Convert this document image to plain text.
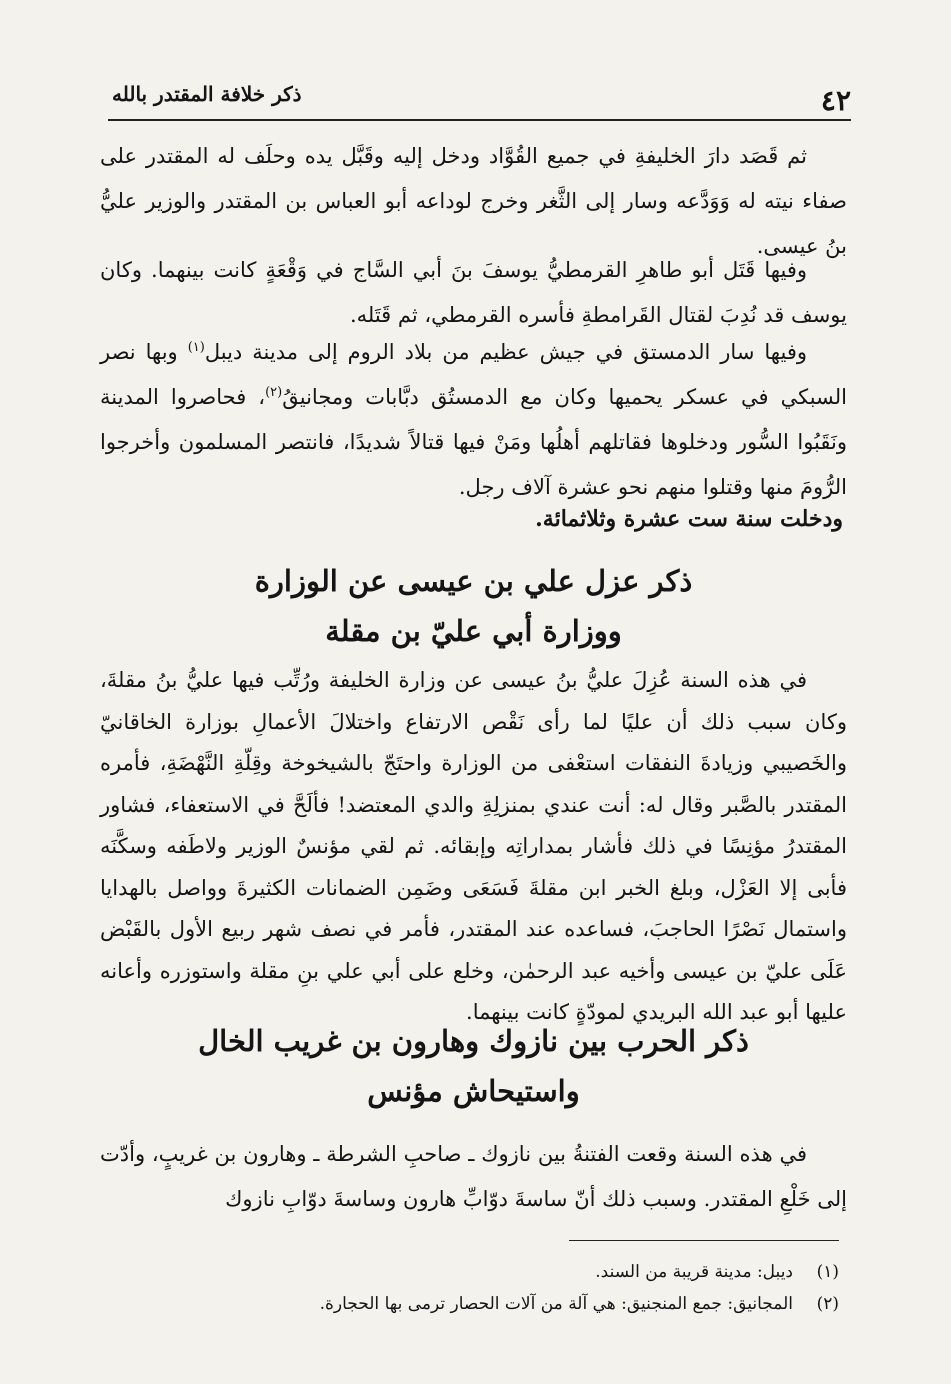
٤٢
ذكر خلافة المقتدر بالله
ثم قَصَد دارَ الخليفةِ في جميع القُوَّاد ودخل إليه وقَبَّل يده وحلَف له المقتدر على صفاء نيته له وَوَدَّعه وسار إلى الثَّغر وخرج لوداعه أبو العباس بن المقتدر والوزير عليُّ بنُ عيسى.
وفيها قَتَل أبو طاهرِ القرمطيُّ يوسفَ بنَ أبي السَّاج في وَقْعَةٍ كانت بينهما. وكان يوسف قد نُدِبَ لقتال القَرامطةِ فأسره القرمطي، ثم قَتَله.
وفيها سار الدمستق في جيش عظيم من بلاد الروم إلى مدينة ديبل$^{(١)}$ وبها نصر السبكي في عسكر يحميها وكان مع الدمستُق دبَّابات ومجانيقُ$^{(٢)}$، فحاصروا المدينة ونَقَبُوا السُّور ودخلوها فقاتلهم أهلُها ومَنْ فيها قتالاً شديدًا، فانتصر المسلمون وأخرجوا الرُّومَ منها وقتلوا منهم نحو عشرة آلاف رجل.
ودخلت سنة ست عشرة وثلاثمائة.
ذكر عزل علي بن عيسى عن الوزارة
ووزارة أبي عليّ بن مقلة
في هذه السنة عُزِلَ عليُّ بنُ عيسى عن وزارة الخليفة ورُتِّب فيها عليُّ بنُ مقلةَ، وكان سبب ذلك أن عليًا لما رأى نَقْص الارتفاع واختلالَ الأعمالِ بوزارة الخاقانيّ والخَصيبي وزيادةَ النفقات استعْفى من الوزارة واحتَجّ بالشيخوخة وقِلّةِ النَّهْضَةِ، فأمره المقتدر بالصَّبر وقال له: أنت عندي بمنزلِةِ والدي المعتضد! فألَحَّ في الاستعفاء، فشاور المقتدرُ مؤنِسًا في ذلك فأشار بمداراتِه وإبقائه. ثم لقي مؤنسٌ الوزير ولاطَفه وسكَّنَه فأبى إلا العَزْل، وبلغ الخبر ابن مقلةَ فَسَعَى وضَمِن الضمانات الكثيرةَ وواصل بالهدايا واستمال نَصْرًا الحاجبَ، فساعده عند المقتدر، فأمر في نصف شهر ربيع الأول بالقَبْض عَلَى عليّ بن عيسى وأخيه عبد الرحمٰن، وخلع على أبي علي بنِ مقلة واستوزره وأعانه عليها أبو عبد الله البريدي لمودّةٍ كانت بينهما.
ذكر الحرب بين نازوك وهارون بن غريب الخال
واستيحاش مؤنس
في هذه السنة وقعت الفتنةُ بين نازوك ـ صاحبِ الشرطة ـ وهارون بن غريبٍ، وأدّت إلى خَلْعِ المقتدر. وسبب ذلك أنّ ساسةَ دوّابِّ هارون وساسةَ دوّابِ نازوك
(١)ديبل: مدينة قريبة من السند.
(٢)المجانيق: جمع المنجنيق: هي آلة من آلات الحصار ترمى بها الحجارة.
